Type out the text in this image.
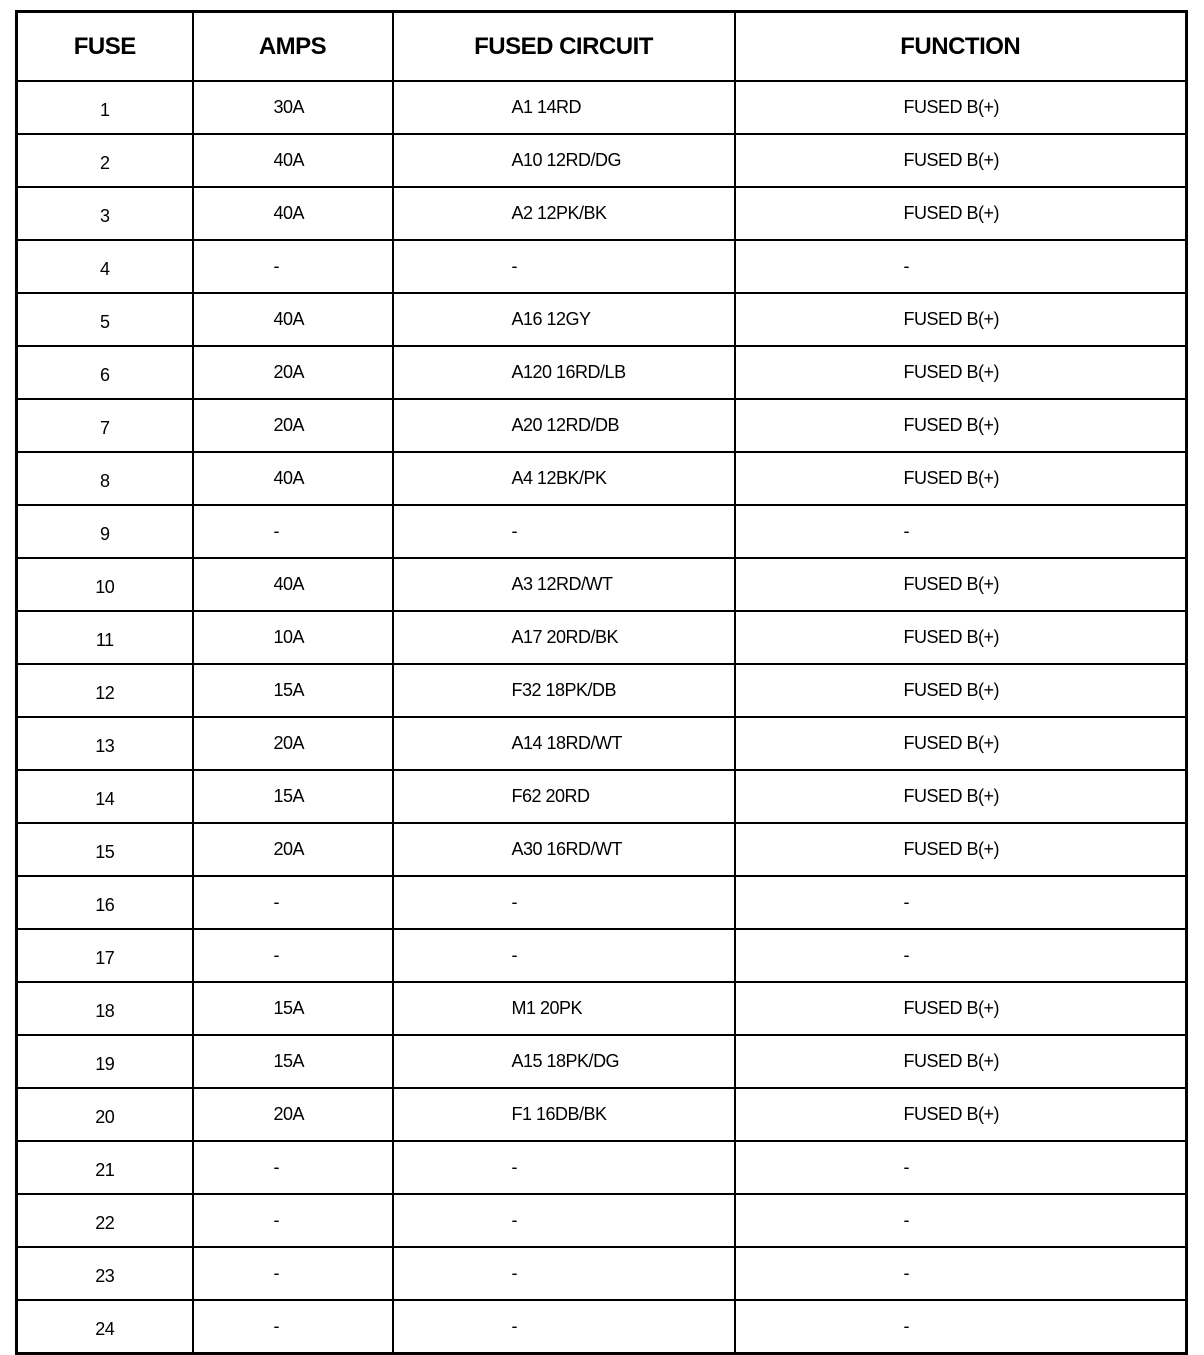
FUSE	AMPS	FUSED CIRCUIT	FUNCTION
1	30A	A1 14RD	FUSED B(+)
2	40A	A10 12RD/DG	FUSED B(+)
3	40A	A2 12PK/BK	FUSED B(+)
4	-	-	-
5	40A	A16 12GY	FUSED B(+)
6	20A	A120 16RD/LB	FUSED B(+)
7	20A	A20 12RD/DB	FUSED B(+)
8	40A	A4 12BK/PK	FUSED B(+)
9	-	-	-
10	40A	A3 12RD/WT	FUSED B(+)
11	10A	A17 20RD/BK	FUSED B(+)
12	15A	F32 18PK/DB	FUSED B(+)
13	20A	A14 18RD/WT	FUSED B(+)
14	15A	F62 20RD	FUSED B(+)
15	20A	A30 16RD/WT	FUSED B(+)
16	-	-	-
17	-	-	-
18	15A	M1 20PK	FUSED B(+)
19	15A	A15 18PK/DG	FUSED B(+)
20	20A	F1 16DB/BK	FUSED B(+)
21	-	-	-
22	-	-	-
23	-	-	-
24	-	-	-
